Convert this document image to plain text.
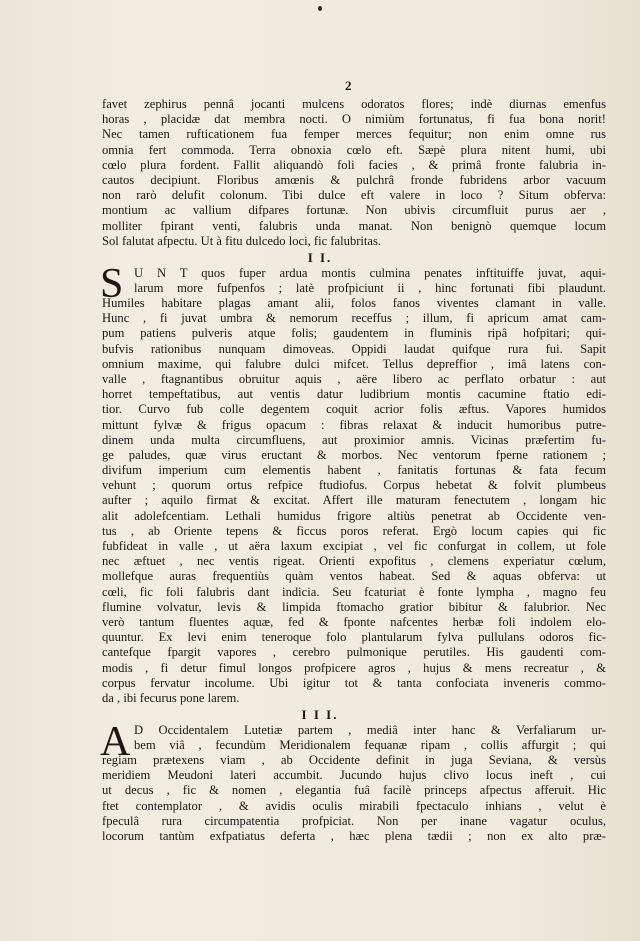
2
favet zephirus pennâ jocanti mulcens odoratos flores; indè diurnas emenfus
horas , placidæ dat membra nocti. O nimiùm fortunatus, fi fua bona norit!
Nec tamen rufticationem fua femper merces fequitur; non enim omne rus
omnia fert commoda. Terra obnoxia cœlo eft. Sæpè plura nitent humi, ubi
cœlo plura fordent. Fallit aliquandò foli facies , & primâ fronte falubria in-
cautos decipiunt. Floribus amœnis & pulchrâ fronde fubridens arbor vacuum
non rarò delufit colonum. Tibi dulce eft valere in loco ? Situm obferva:
montium ac vallium difpares fortunæ. Non ubivis circumfluit purus aer ,
molliter fpirant venti, falubris unda manat. Non benignò quemque locum
Sol falutat afpectu. Ut à fitu dulcedo loci, fic falubritas.
I I.
S U N T quos fuper ardua montis culmina penates inftituiffe juvat, aqui-
larum more fufpenfos ; latè profpiciunt ii , hinc fortunati fibi plaudunt.
Humiles habitare plagas amant alii, folos fanos viventes clamant in valle.
Hunc , fi juvat umbra & nemorum receffus ; illum, fi apricum amat cam-
pum patiens pulveris atque folis; gaudentem in fluminis ripâ hofpitari; qui-
bufvis rationibus nunquam dimoveas. Oppidi laudat quifque rura fui. Sapit
omnium maxime, qui falubre dulci mifcet. Tellus depreffior , imâ latens con-
valle , ftagnantibus obruitur aquis , aëre libero ac perflato orbatur : aut
horret tempeftatibus, aut ventis datur ludibrium montis cacumine ftatio edi-
tior. Curvo fub colle degentem coquit acrior folis æftus. Vapores humidos
mittunt fylvæ & frigus opacum : fibras relaxat & inducit humoribus putre-
dinem unda multa circumfluens, aut proximior amnis. Vicinas præfertim fu-
ge paludes, quæ virus eructant & morbos. Nec ventorum fperne rationem ;
divifum imperium cum elementis habent , fanitatis fortunas & fata fecum
vehunt ; quorum ortus refpice ftudiofus. Corpus hebetat & folvit plumbeus
aufter ; aquilo firmat & excitat. Affert ille maturam fenectutem , longam hic
alit adolefcentiam. Lethali humidus frigore altiùs penetrat ab Occidente ven-
tus , ab Oriente tepens & ficcus poros referat. Ergò locum capies qui fic
fubfideat in valle , ut aëra laxum excipiat , vel fic confurgat in collem, ut fole
nec æftuet , nec ventis rigeat. Orienti expofitus , clemens experiatur cœlum,
mollefque auras frequentiùs quàm ventos habeat. Sed & aquas obferva: ut
cœli, fic foli falubris dant indicia. Seu fcaturiat è fonte lympha , magno feu
flumine volvatur, levis & limpida ftomacho gratior bibitur & falubrior. Nec
verò tantum fluentes aquæ, fed & fponte nafcentes herbæ foli indolem elo-
quuntur. Ex levi enim teneroque folo plantularum fylva pullulans odoros fic-
cantefque fpargit vapores , cerebro pulmonique perutiles. His gaudenti com-
modis , fi detur fimul longos profpicere agros , hujus & mens recreatur , &
corpus fervatur incolume. Ubi igitur tot & tanta confociata inveneris commo-
da , ibi fecurus pone larem.
I I I.
A D Occidentalem Lutetiæ partem , mediâ inter hanc & Verfaliarum ur-
bem viâ , fecundùm Meridionalem fequanæ ripam , collis affurgit ; qui
regiam prætexens viam , ab Occidente definit in juga Seviana, & versùs
meridiem Meudoni lateri accumbit. Jucundo hujus clivo locus ineft , cui
ut decus , fic & nomen , elegantia fuâ facilè princeps afpectus afferuit. Hic
ftet contemplator , & avidis oculis mirabili fpectaculo inhians , velut è
fpeculâ rura circumpatentia profpiciat. Non per inane vagatur oculus,
locorum tantùm exfpatiatus deferta , hæc plena tædii ; non ex alto præ-
